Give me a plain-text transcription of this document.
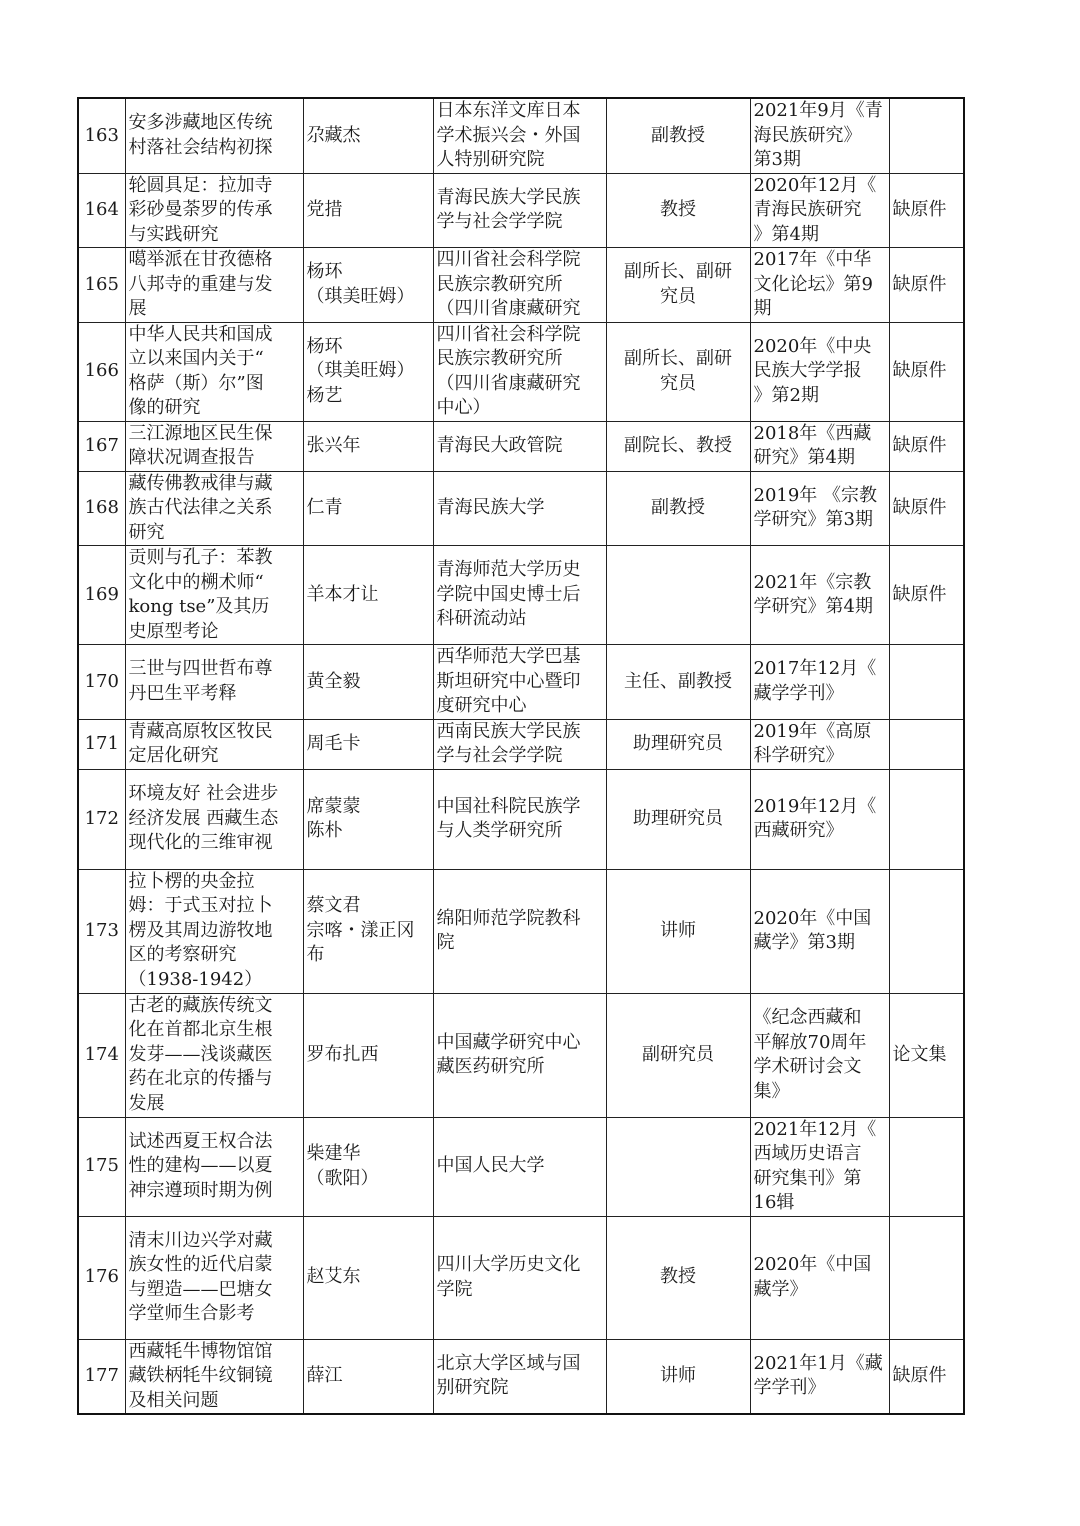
163	安多涉藏地区传统
村落社会结构初探	尕藏杰	日本东洋文库日本
学术振兴会・外国
人特别研究院	副教授	2021年9月《青
海民族研究》
第3期	
164	轮圆具足：拉加寺
彩砂曼荼罗的传承
与实践研究	党措	青海民族大学民族
学与社会学学院	教授	2020年12月《
青海民族研究
》第4期	缺原件
165	噶举派在甘孜德格
八邦寺的重建与发
展	杨环
（琪美旺姆）	四川省社会科学院
民族宗教研究所
（四川省康藏研究	副所长、副研
究员	2017年《中华
文化论坛》第9
期	缺原件
166	中华人民共和国成
立以来国内关于“
格萨（斯）尔”图
像的研究	杨环
（琪美旺姆）
杨艺	四川省社会科学院
民族宗教研究所
（四川省康藏研究
中心）	副所长、副研
究员	2020年《中央
民族大学学报
》第2期	缺原件
167	三江源地区民生保
障状况调查报告	张兴年	青海民大政管院	副院长、教授	2018年《西藏
研究》第4期	缺原件
168	藏传佛教戒律与藏
族古代法律之关系
研究	仁青	青海民族大学	副教授	2019年 《宗教
学研究》第3期	缺原件
169	贡则与孔子：苯教
文化中的㮶术师“
kong tse”及其历
史原型考论	羊本才让	青海师范大学历史
学院中国史博士后
科研流动站		2021年《宗教
学研究》第4期	缺原件
170	三世与四世哲布尊
丹巴生平考释	黄全毅	西华师范大学巴基
斯坦研究中心暨印
度研究中心	主任、副教授	2017年12月《
藏学学刊》	
171	青藏高原牧区牧民
定居化研究	周毛卡	西南民族大学民族
学与社会学学院	助理研究员	2019年《高原
科学研究》	
172	环境友好 社会进步
经济发展 西藏生态
现代化的三维审视	席蒙蒙
陈朴	中国社科院民族学
与人类学研究所	助理研究员	2019年12月《
西藏研究》	
173	拉卜楞的央金拉
姆：于式玉对拉卜
楞及其周边游牧地
区的考察研究
（1938-1942）	蔡文君
宗喀・漾正冈
布	绵阳师范学院教科
院	讲师	2020年《中国
藏学》第3期	
174	古老的藏族传统文
化在首都北京生根
发芽——浅谈藏医
药在北京的传播与
发展	罗布扎西	中国藏学研究中心
藏医药研究所	副研究员	《纪念西藏和
平解放70周年
学术研讨会文
集》	论文集
175	试述西夏王权合法
性的建构——以夏
神宗遵顼时期为例	柴建华
（歌阳）	中国人民大学		2021年12月《
西域历史语言
研究集刊》第
16辑	
176	清末川边兴学对藏
族女性的近代启蒙
与塑造——巴塘女
学堂师生合影考	赵艾东	四川大学历史文化
学院	教授	2020年《中国
藏学》	
177	西藏牦牛博物馆馆
藏铁柄牦牛纹铜镜
及相关问题	薛江	北京大学区域与国
别研究院	讲师	2021年1月《藏
学学刊》	缺原件
